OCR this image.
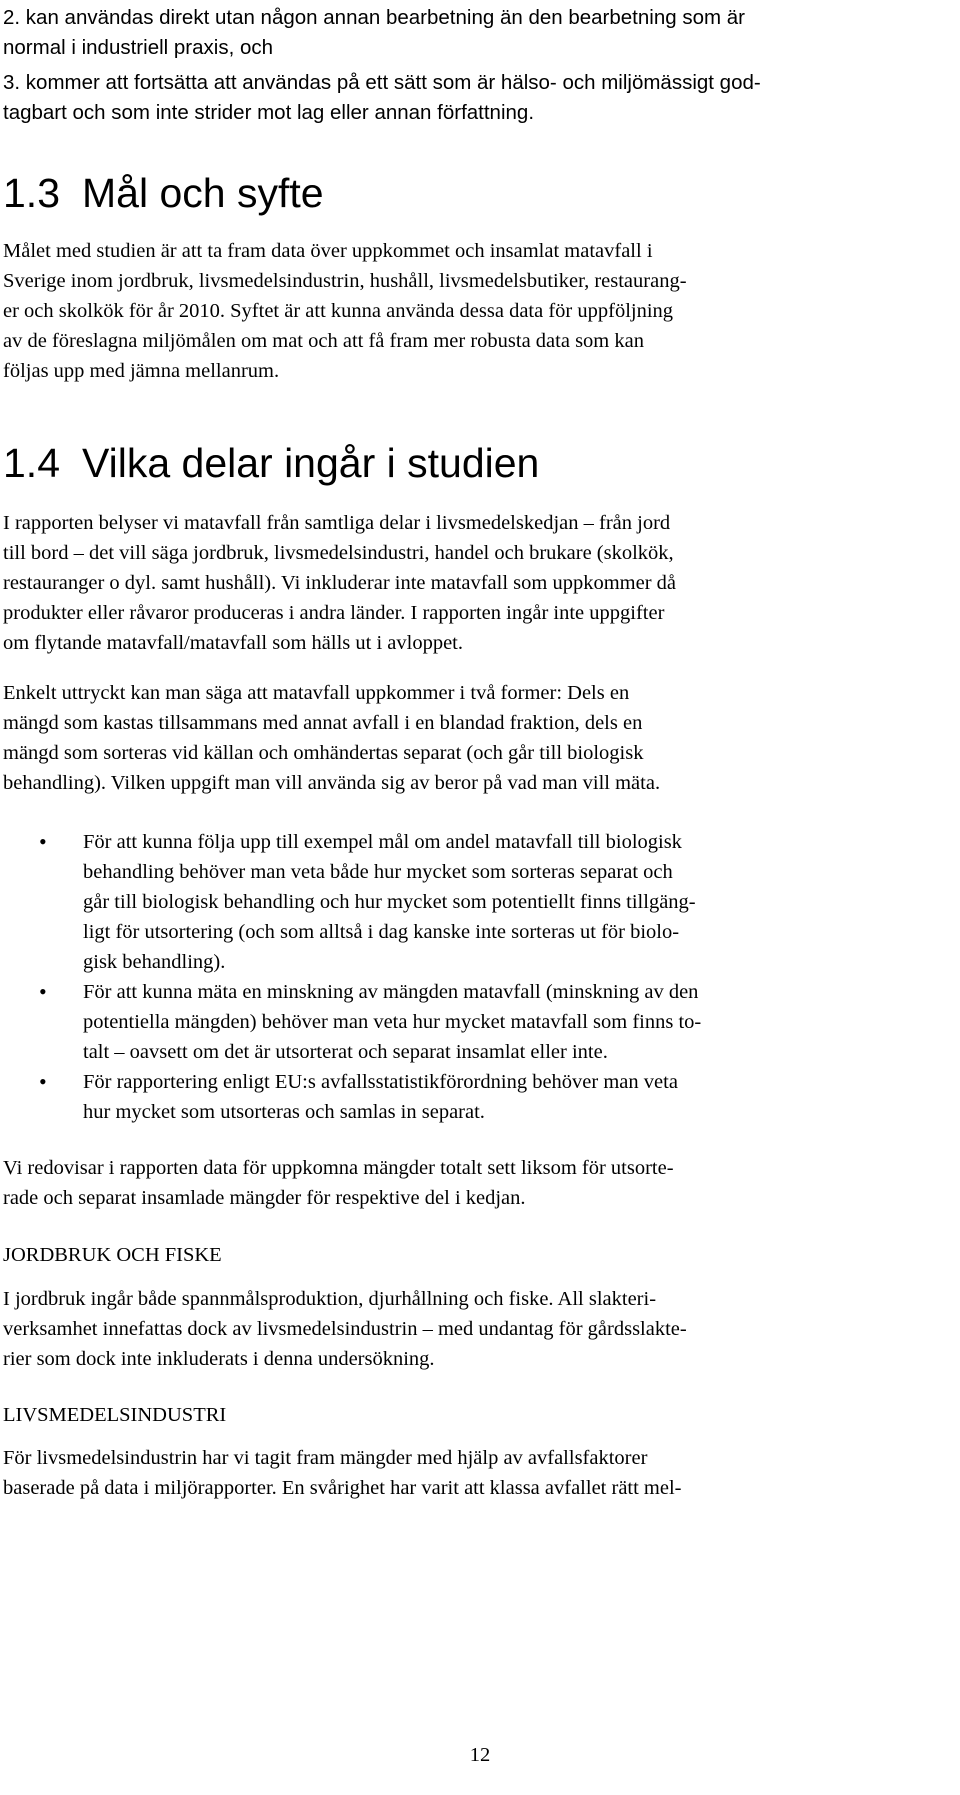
2. kan användas direkt utan någon annan bearbetning än den bearbetning som är
normal i industriell praxis, och
3. kommer att fortsätta att användas på ett sätt som är hälso- och miljömässigt god-
tagbart och som inte strider mot lag eller annan författning.
1.3 Mål och syfte
Målet med studien är att ta fram data över uppkommet och insamlat matavfall i
Sverige inom jordbruk, livsmedelsindustrin, hushåll, livsmedelsbutiker, restaurang-
er och skolkök för år 2010. Syftet är att kunna använda dessa data för uppföljning
av de föreslagna miljömålen om mat och att få fram mer robusta data som kan
följas upp med jämna mellanrum.
1.4 Vilka delar ingår i studien
I rapporten belyser vi matavfall från samtliga delar i livsmedelskedjan – från jord
till bord – det vill säga jordbruk, livsmedelsindustri, handel och brukare (skolkök,
restauranger o dyl. samt hushåll). Vi inkluderar inte matavfall som uppkommer då
produkter eller råvaror produceras i andra länder. I rapporten ingår inte uppgifter
om flytande matavfall/matavfall som hälls ut i avloppet.
Enkelt uttryckt kan man säga att matavfall uppkommer i två former: Dels en
mängd som kastas tillsammans med annat avfall i en blandad fraktion, dels en
mängd som sorteras vid källan och omhändertas separat (och går till biologisk
behandling). Vilken uppgift man vill använda sig av beror på vad man vill mäta.
• För att kunna följa upp till exempel mål om andel matavfall till biologisk
behandling behöver man veta både hur mycket som sorteras separat och
går till biologisk behandling och hur mycket som potentiellt finns tillgäng-
ligt för utsortering (och som alltså i dag kanske inte sorteras ut för biolo-
gisk behandling).
• För att kunna mäta en minskning av mängden matavfall (minskning av den
potentiella mängden) behöver man veta hur mycket matavfall som finns to-
talt – oavsett om det är utsorterat och separat insamlat eller inte.
• För rapportering enligt EU:s avfallsstatistikförordning behöver man veta
hur mycket som utsorteras och samlas in separat.
Vi redovisar i rapporten data för uppkomna mängder totalt sett liksom för utsorte-
rade och separat insamlade mängder för respektive del i kedjan.
JORDBRUK OCH FISKE
I jordbruk ingår både spannmålsproduktion, djurhållning och fiske. All slakteri-
verksamhet innefattas dock av livsmedelsindustrin – med undantag för gårdsslakte-
rier som dock inte inkluderats i denna undersökning.
LIVSMEDELSINDUSTRI
För livsmedelsindustrin har vi tagit fram mängder med hjälp av avfallsfaktorer
baserade på data i miljörapporter. En svårighet har varit att klassa avfallet rätt mel-
12
